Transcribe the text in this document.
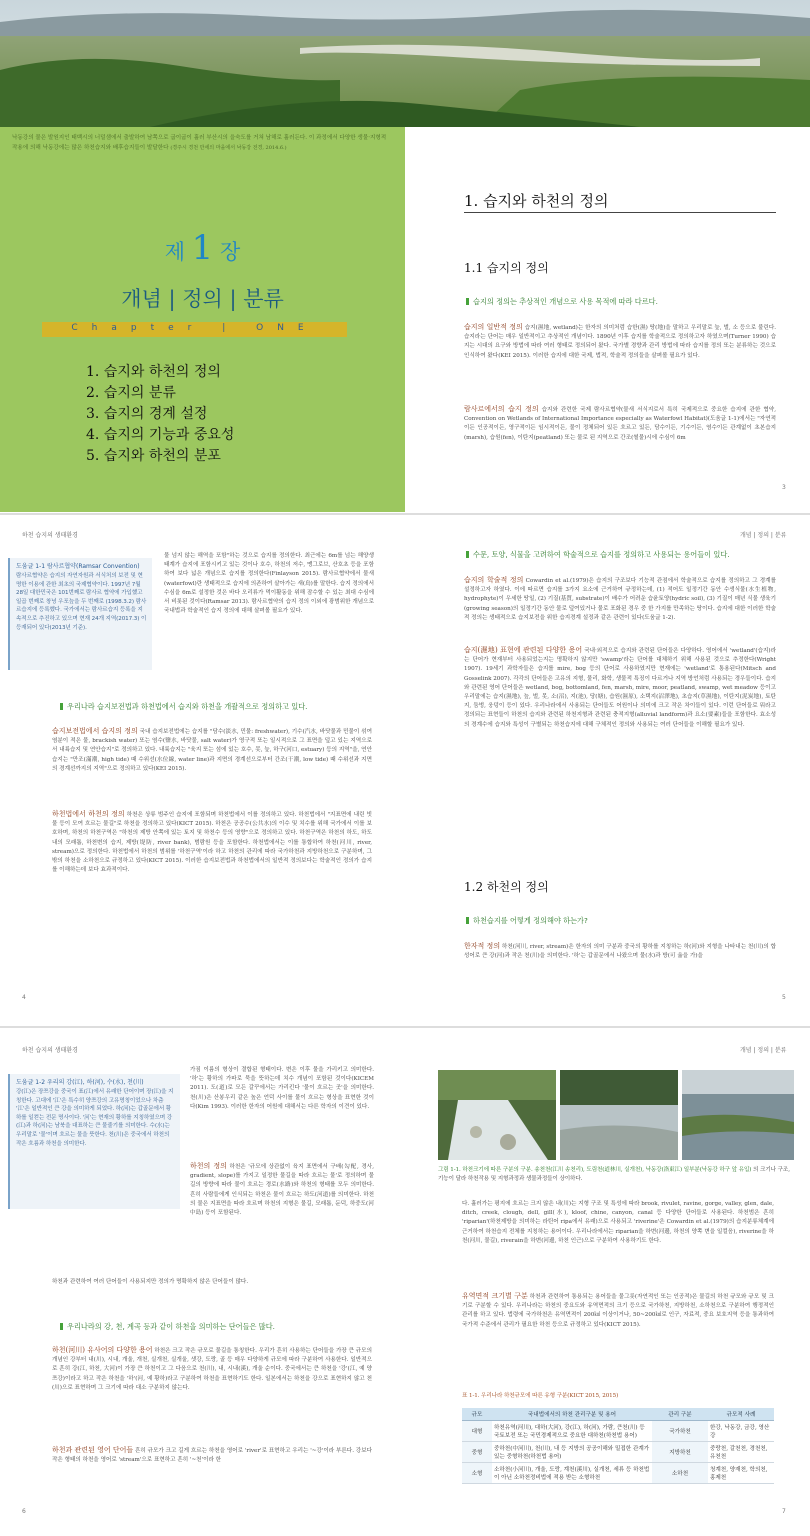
낙동강의 물은 발원지인 태백시의 너덜샘에서 출발하여 남쪽으로 굽이굽이 흘러 부산시의 을숙도를 거쳐 남해로 흘러든다. 이 과정에서 다양한 생물·지형적 작용에 의해 낙동강에는 많은 하천습지와 배후습지들이 발달한다 (경주시 경천 만세의 마을에서 낙동강 전경, 2014.6.)
제 1 장
개념 | 정의 | 분류
Chapter | ONE
1. 습지와 하천의 정의
2. 습지의 분류
3. 습지의 경계 설정
4. 습지의 기능과 중요성
5. 습지와 하천의 분포
1. 습지와 하천의 정의
1.1 습지의 정의
습지의 정의는 추상적인 개념으로 사용 목적에 따라 다르다.
습지의 일반적 정의 습지(濕地, wetland)는 한자의 의미처럼 습한(濕) 땅(地)을 말하고 우리말로 늪, 벌, 소 등으로 불린다. 습지라는 단어는 매우 일반적이고 추상적인 개념이다. 1890년 이후 습지를 학술적으로 정의하고자 하였으며(Turner 1990) 습지는 시대의 요구와 방법에 따라 여러 형태로 정의되어 왔다. 국가별 경향과 관리 방법에 따라 습지를 정의 또는 분류하는 것으로 인식하여 왔다(KEI 2015). 이러한 습지에 대한 국제, 법적, 학술적 정의들을 살펴볼 필요가 있다.
람사르에서의 습지 정의 습지와 관련한 국제 람사르협약(물새 서식지로서 특히 국제적으로 중요한 습지에 관한 협약, Convention on Wetlands of International Importance especially as Waterfowl Habitat)(도움글 1-1)에서는 "자연적이든 인공적이든, 영구적이든 임시적이든, 물이 정체되어 있든 흐르고 있든, 담수이든, 기수이든, 염수이든 관계없이 초본습지(marsh), 습원(fen), 이탄지(peatland) 또는 물로 된 지역으로 간조(썰물)시에 수심이 6m
3
하천 습지의 생태환경	개념 | 정의 | 분류
도움글 1-1 람사르협약(Ramsar Convention)
람사르협약은 습지의 자연자원과 서식처의 보전 및 현명한 이용에 관한 최초의 국제협약이다. 1997년 7월 28일 대한민국은 101번째로 람사르 협약에 가입했고 일곱 번째로 창녕 우포늪을 두 번째로 (1998.3.2) 람사르습지에 등록했다. 국가에서는 람사르습지 등록을 지속적으로 추진하고 있으며 현재 24개 지역(2017.3) 이 등재되어 있다(2013년 기준).
물 넘지 않는 해역을 포함"하는 것으로 습지를 정의한다. 최근에는 6m를 넘는 해양생태계가 습지에 포함시키고 있는 것이나 호수, 하천의 저수, 맹그로브, 산호초 등을 포함하여 보다 넓은 개념으로 습지를 정의한다(Finlayson 2015). 람사르협약에서 물새(waterfowl)란 생태적으로 습지에 의존하여 살아가는 새(鳥)를 말한다. 습지 정의에서 수심을 6m로 설정한 것은 바다 오리류가 먹이활동을 위해 잠수할 수 있는 최대 수심에서 비롯된 것이다(Ramsar 2013). 람사르협약의 습지 정의 이외에 광범위한 개념으로 국내법과 학술적인 습지 정의에 대해 살펴볼 필요가 있다.
우리나라 습지보전법과 하천법에서 습지와 하천을 개괄적으로 정의하고 있다.
습지보전법에서 습지의 정의 국내 습지보전법에는 습지를 "담수(淡水, 민물: freshwater), 기수(汽水, 바닷물과 민물이 섞여 염분이 적은 물, brackish water) 또는 염수(鹽水, 바닷물, salt water)가 영구적 또는 일시적으로 그 표면을 덮고 있는 지역으로서 내륙습지 및 연안습지"로 정의하고 있다. 내륙습지는 "육지 또는 섬에 있는 호수, 못, 늪, 하구(河口, estuary) 등의 지역"을, 연안습지는 "만조(滿潮, high tide) 때 수위선(水位線, water line)과 지면의 경계선으로부터 간조(干潮, low tide) 때 수위선과 지면의 경계선까지의 지역"으로 정의하고 있다(KEI 2015).
하천법에서 하천의 정의 하천은 상류 범주인 습지에 포함되며 하천법에서 이를 정의하고 있다. 하천법에서 "지표면에 내린 빗물 등이 모여 흐르는 물길"로 하천을 정의하고 있다(KICT 2015). 하천은 공공수(公共水)의 이수 및 치수를 위해 국가에서 이를 보호하며, 하천의 하천구역은 "하천의 제방 안쪽에 있는 토지 및 하천수 등의 영향"으로 정의하고 있다. 하천구역은 하천의 하도, 하도 내의 모래톱, 하천변의 습지, 제방(堤防, river bank), 범람원 등을 포함한다. 하천법에서는 이를 통합하여 하천(河川, river, stream)으로 정의한다. 하천법에서 하천의 범위를 '하천구역'이라 하고 하천의 관리에 따라 국가하천과 지방하천으로 구분하며, 그 밖의 하천을 소하천으로 규정하고 있다(KICT 2015). 이러한 습지보전법과 하천법에서의 일반적 정의보다는 학술적인 정의가 습지를 이해하는데 보다 효과적이다.
4
수문, 토양, 식물을 고려하여 학술적으로 습지를 정의하고 사용되는 용어들이 있다.
습지의 학술적 정의 Cowardin et al.(1979)은 습지의 구조보다 기능적 관점에서 학술적으로 습지를 정의하고 그 경계를 설정하고자 하였다. 이에 따르면 습지를 3가지 요소에 근거하여 규정하는데, (1) 적어도 일정기간 동안 수생식물(水生植物, hydrophyte)이 우세한 땅일, (2) 기질(基質, substrate)이 배수가 어려운 습윤토양(hydric soil), (3) 기질이 매년 식물 생육기(growing season)의 일정기간 동안 물로 덮여있거나 물로 포화된 경우 중 한 가지를 만족하는 땅이다. 습지에 대한 이러한 학술적 정의는 생태적으로 습지보전을 위한 습지경계 설정과 같은 관련이 있다(도움글 1-2).
습지(濕地) 표현에 관련된 다양한 용어 국내·외적으로 습지와 관련된 단어들은 다양하다. 영어에서 'wetland'(습지)라는 단어가 현재부터 사용되었는지는 명확하지 않지만 'swamp'라는 단어를 대체하기 위해 사용된 것으로 추정한다(Wright 1907). 19세기 과학자들은 습지를 mire, bog 등의 단어로 사용하였지만 현재에는 'wetland'로 통용된다(Mitsch and Gosselink 2007). 각각의 단어들은 고유의 지형, 물리, 화학, 생물적 특징이 다르거나 지역 방언처럼 사용되는 경우들이다. 습지와 관련된 영어 단어들은 wetland, bog, bottomland, fen, marsh, mire, moor, peatland, swamp, wet meadow 등이고 우리말에는 습지(濕地), 늪, 벌, 못, 소(沼), 지(池), 당(塘), 습원(濕原), 소택지(沼澤地), 초습지(草濕地), 이탄지(泥炭地), 토탄지, 둠벙, 웅덩이 등이 있다. 우리나라에서 사용되는 단어들도 어원이나 의미에 크고 작은 차이들이 있다. 이런 단어들로 뭐라고 정의되는 표현들이 하천의 습지와 관련된 하천지형과 관련된 충적지형(alluvial landform)과 요소(要素)들을 포함한다. 효소성의 경계수에 습지와 특성이 구별되는 하천습지에 대해 구체적인 정의와 사용되는 여러 단어들을 이해할 필요가 있다.
1.2 하천의 정의
하천습지를 어떻게 정의해야 하는가?
한자적 정의 하천(河川, river, stream)은 한자의 의미 구분과 중국의 황하를 지칭하는 하(河)와 지형을 나타내는 천(川)의 합성어로 큰 강(河)과 작은 천(川)을 의미한다. '하'는 갑골문에서 나왔으며 물(水)과 방(可 옳을 가)을
5
하천 습지의 생태환경	개념 | 정의 | 분류
도움글 1-2 우리의 강(江), 하(河), 수(水), 천(川)
강(江)은 장쯔강을 중국이 표(江)에서 유래한 단어이며 장(江)을 지칭한다. 고대에 '江'은 특수히 양쯔강의 고유명칭이었으나 차츰 '江'은 일반적인 큰 강을 의미하게 되었다. 하(河)는 갑골문에서 황하를 일컫는 전문 명사이다. '河'는 현재의 황하를 지칭하였으며 강(江)과 하(河)는 남북을 대표하는 큰 물줄기를 의미한다. 수(水)는 우리말로 '물'이며 흐르는 물을 뜻한다. 천(川)은 중국에서 하천의 작은 흐름과 하천을 의미한다.
가짐 이름의 형상이 결합된 형태이다. 변은 이후 물을 가리키고 의미한다. '하'는 황하의 가파로 묵을 뜻하는데 치수 개념이 포함된 것이다(KICEM 2011). 도(道)로 모든 갈꾸에서는 가리킨다 '물이 흐르는 곳'을 의미한다. 천(川)은 산봉우리 같은 높은 언덕 사이를 물이 흐르는 형상을 표현한 것이다(Kim 1993). 이러한 한자의 어원에 대해서는 다른 학자의 이견이 있다.
하천의 정의 하천은 '규모에 상관없이 육지 표면에서 구배(勾配, 경사, gradient, slope)를 가지고 일정한 물길을 따라 흐르는 물'로 정의하며 물길의 방향에 따라 물이 흐르는 경로(水路)와 하천의 형태를 모두 의미한다. 흔히 사람들에게 인식되는 하천은 물이 흐르는 하도(河道)를 의미한다. 하천의 물은 지표면을 따라 흐르며 하천의 지형은 물길, 모래톱, 둔덕, 하중도(河中島) 등이 포함된다.
하천과 관련하여 여러 단어들이 사용되지만 정의가 명확하지 않은 단어들이 많다.
우리나라의 강, 천, 계곡 등과 같이 하천을 의미하는 단어들은 많다.
하천(河川) 유사어의 다양한 용어 하천은 크고 작은 규모로 물길을 통칭한다. 우리가 흔히 사용하는 단어들을 가장 큰 규모의 개념인 강부터 내(川), 시내, 개울, 개천, 실개천, 실개울, 샛강, 도랑, 골 등 매우 다양하게 규모에 따라 구분하여 사용한다. 일반적으로 흔히 강(江, 하천, 大河)이 가장 큰 하천이고 그 다음으로 천(川), 내, 시내(溪), 개울 순이다. 중국에서는 큰 하천을 '강'(江, 예 양쯔강)이라고 하고 작은 하천을 '하'(河, 예 황하)라고 구분하여 하천을 표현하기도 한다. 일본에서는 하천을 강으로 표현하지 않고 천(川)으로 표현하며 그 크기에 따라 대소 구분하지 않는다.
하천과 관련된 영어 단어들 흔히 규모가 크고 길게 흐르는 하천을 영어로 'river'로 표현하고 우리는 '~강'이라 부른다. 강보다 작은 형태의 하천을 영어로 'stream'으로 표현하고 흔히 '~천'이라 한
6
그림 1-1. 하천크기에 따른 구분의 구분. 송천천(江川 송천리), 도림천(道林川, 실개천), 낙동강(洛東江) 일부분(낙동강 하구 앞 유입) 의 크기나 구조, 기능이 달라 하천작용 및 지형과정과 생물과정들이 상이하다.
다. 흘러가는 평지에 흐르는 크지 않은 내(川)는 지형 구조 및 특성에 따라 brook, rivulet, ravine, gorge, valley, glen, dale, ditch, creek, clough, dell, gill(水), kloof, chine, canyon, canal 등 다양한 단어들로 사용된다. 하천범은 흔히 'riparian'(하천제방을 의미하는 라틴어 ripa에서 유래)으로 사용되고 'riverine'은 Cowardin et al.(1979)의 습지분류체계에 근거하여 하천습지 전체를 지칭하는 용어이다. 우리나라에서는 riparian을 하변(河邊, 하천의 양쪽 변을 일컬음), riverine을 하천(河川, 물길), riverain을 하변(河邊, 하천 인근)으로 구분하여 사용하기도 한다.
유역면적 크기별 구분 하천과 관련하여 통용되는 용어들을 물그릇(자연적인 또는 인공적)은 물길의 하천 규모와 규모 및 크기로 구분할 수 있다. 우리나라는 하천의 중요도와 유역면적의 크기 등으로 국가하천, 지방하천, 소하천으로 구분하여 행정적인 관리를 하고 있다. 법령에 국가하천은 유역면적이 200㎢ 이상이거나, 50~200㎢로 인구, 자료적, 중요 보호지역 등을 통과하여 국가적 수준에서 관리가 필요한 하천 등으로 규정하고 있다(KICT 2015).
표 1-1. 우리나라 하천규모에 따른 유형 구분(KICT 2015, 2015)
규모	국내법에서의 하천 관리구분 및 용어	관리 구분	규모적 사례
대형	하천유역(河川), 대하(大河), 강(江), 하(河), 가람, 큰천(川) 등 국토보전 또는 국민경제적으로 중요한 대하천(하천법 용어)	국가하천	한강, 낙동강, 금강, 영산강
중형	중하천(中河川), 천(川), 내 등 지방의 공공이해와 밀접한 관계가 있는 중형하천(하천법 용어)	지방하천	중랑천, 갈천천, 경천천, 유천천
소형	소하천(小河川), 개울, 도랑, 계천(溪川), 실개천, 세류 등 하천법이 아닌 소하천정비법에 적용 받는 소형하천	소하천	청계천, 양재천, 학의천, 홍제천
7
